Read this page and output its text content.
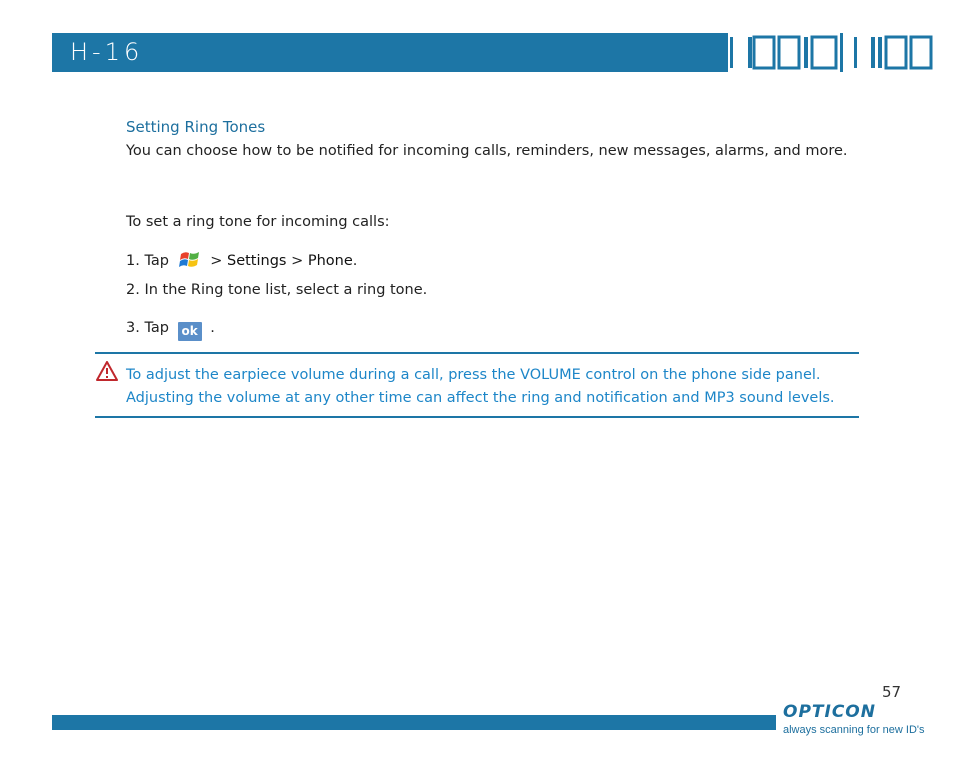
H-16
Setting Ring Tones
You can choose how to be notified for incoming calls, reminders, new messages, alarms, and more.
To set a ring tone for incoming calls:
1. Tap	> Settings > Phone.
2. In the Ring tone list, select a ring tone.
3. Tap ok .
To adjust the earpiece volume during a call, press the VOLUME control on the phone side panel. Adjusting the volume at any other time can affect the ring and notification and MP3 sound levels.
57
OPTICON
always scanning for new ID's
